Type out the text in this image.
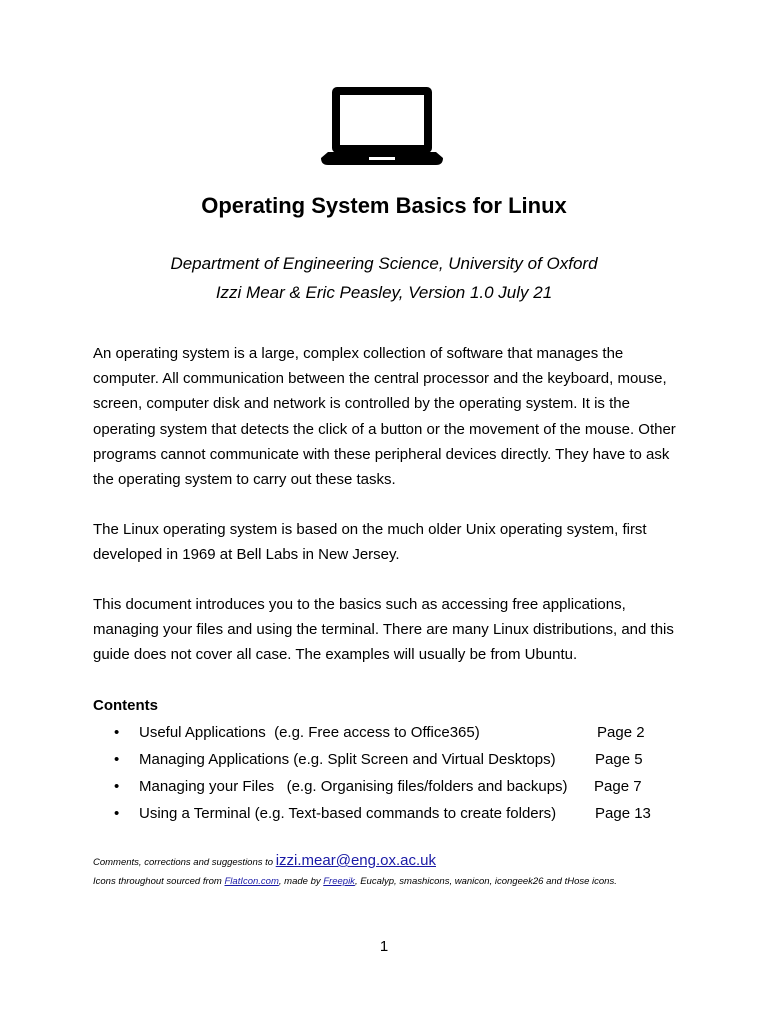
Operating System Basics for Linux

Department of Engineering Science, University of Oxford

Izzi Mear & Eric Peasley, Version 1.0 July 21

An operating system is a large, complex collection of software that manages the computer. All communication between the central processor and the keyboard, mouse, screen, computer disk and network is controlled by the operating system. It is the operating system that detects the click of a button or the movement of the mouse. Other programs cannot communicate with these peripheral devices directly. They have to ask the operating system to carry out these tasks.

The Linux operating system is based on the much older Unix operating system, first developed in 1969 at Bell Labs in New Jersey.

This document introduces you to the basics such as accessing free applications, managing your files and using the terminal. There are many Linux distributions, and this guide does not cover all case. The examples will usually be from Ubuntu.

Contents

• Useful Applications  (e.g. Free access to Office365)	Page 2
• Managing Applications (e.g. Split Screen and Virtual Desktops)	Page 5
• Managing your Files   (e.g. Organising files/folders and backups) Page 7
• Using a Terminal (e.g. Text-based commands to create folders)	Page 13

Comments, corrections and suggestions to izzi.mear@eng.ox.ac.uk

Icons throughout sourced from FlatIcon.com, made by Freepik, Eucalyp, smashicons, wanicon, icongeek26 and tHose icons.

1
